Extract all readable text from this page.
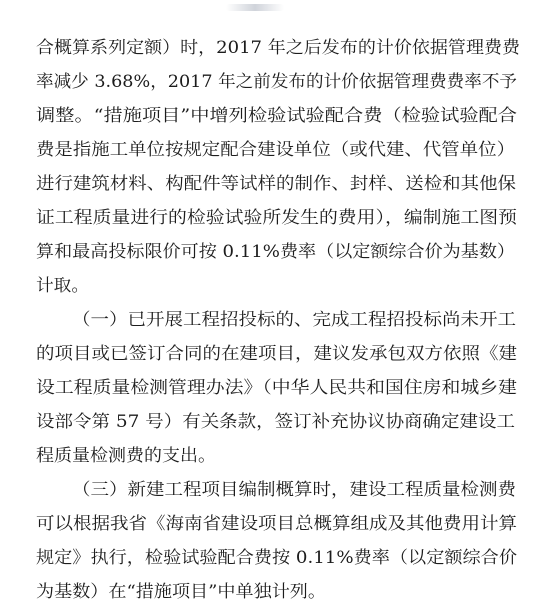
合概算系列定额）时，2017 年之后发布的计价依据管理费费
率减少 3.68%，2017 年之前发布的计价依据管理费费率不予
调整。“措施项目”中增列检验试验配合费（检验试验配合
费是指施工单位按规定配合建设单位（或代建、代管单位）
进行建筑材料、构配件等试样的制作、封样、送检和其他保
证工程质量进行的检验试验所发生的费用），编制施工图预
算和最高投标限价可按 0.11%费率（以定额综合价为基数）
计取。
（一）已开展工程招投标的、完成工程招投标尚未开工
的项目或已签订合同的在建项目，建议发承包双方依照《建
设工程质量检测管理办法》（中华人民共和国住房和城乡建
设部令第 57 号）有关条款，签订补充协议协商确定建设工
程质量检测费的支出。
（三）新建工程项目编制概算时，建设工程质量检测费
可以根据我省《海南省建设项目总概算组成及其他费用计算
规定》执行，检验试验配合费按 0.11%费率（以定额综合价
为基数）在“措施项目”中单独计列。
